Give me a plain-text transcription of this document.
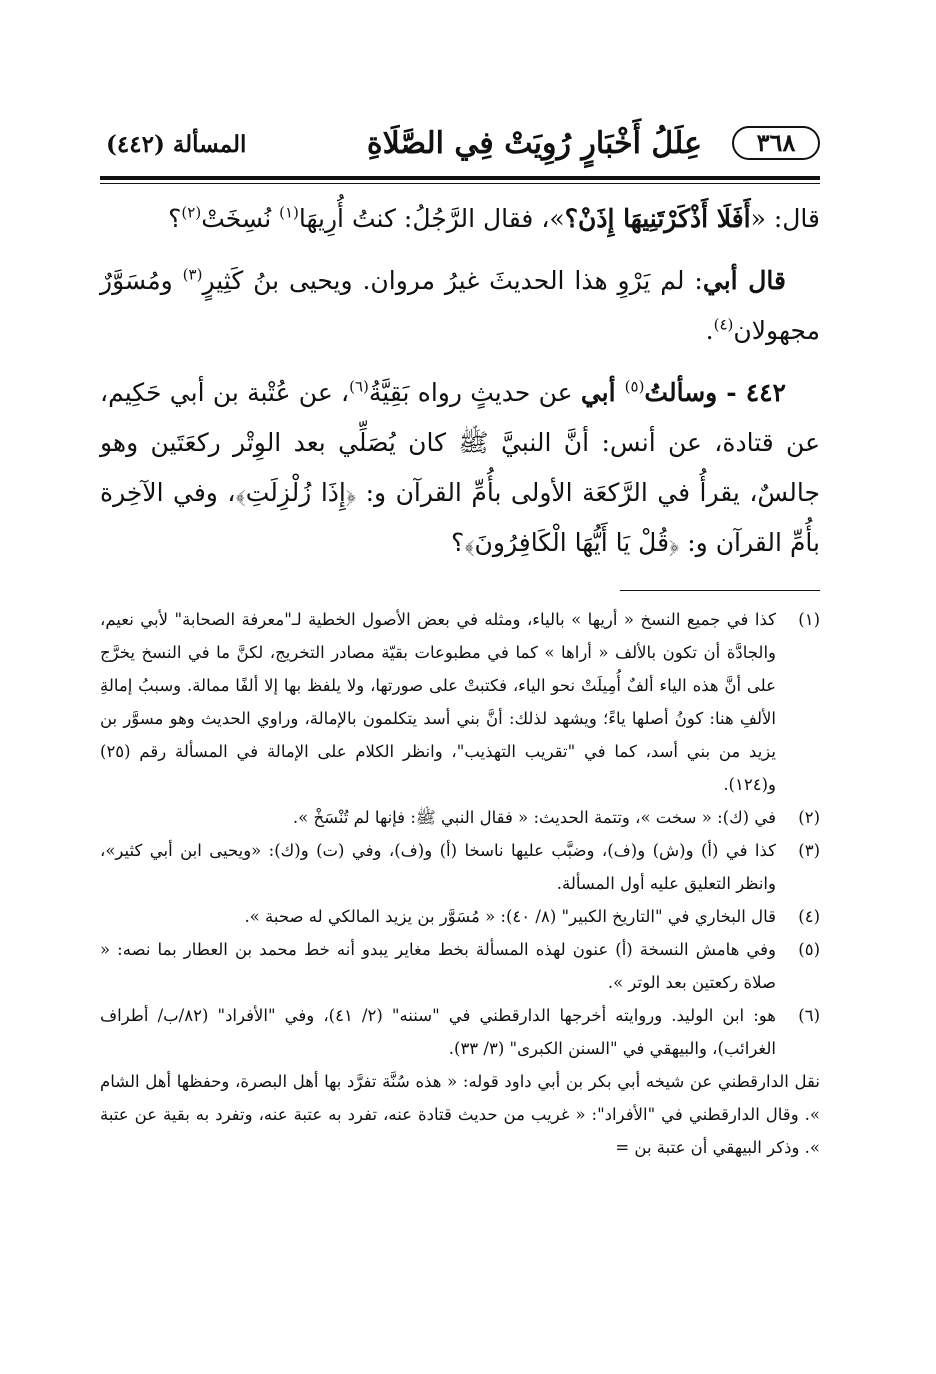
٣٦٨
عِلَلُ أَخْبَارٍ رُوِيَتْ فِي الصَّلَاةِ
المسألة (٤٤٢)

قال: «أَفَلَا أَذْكَرْتَنِيهَا إِذَنْ؟»، فقال الرَّجُلُ: كنتُ أُرِيهَا$^{(١)}$ نُسِخَتْ$^{(٢)}$؟

قال أبي: لم يَرْوِ هذا الحديثَ غيرُ مروان. ويحيى بنُ كَثِيرٍ$^{(٣)}$ ومُسَوَّرٌ مجهولان$^{(٤)}$.

٤٤٢ - وسألتُ$^{(٥)}$ أبي عن حديثٍ رواه بَقِيَّةُ$^{(٦)}$، عن عُتْبة بن أبي حَكِيم، عن قتادة، عن أنس: أنَّ النبيَّ ﷺ كان يُصَلِّي بعد الوِتْر ركعَتَين وهو جالسٌ، يقرأُ في الرَّكعَة الأولى بأُمِّ القرآن و: ﴿إِذَا زُلْزِلَتِ﴾، وفي الآخِرة بأُمِّ القرآن و: ﴿قُلْ يَا أَيُّهَا الْكَافِرُونَ﴾؟

(١)
كذا في جميع النسخ « أريها » بالياء، ومثله في بعض الأصول الخطية لـ"معرفة الصحابة" لأبي نعيم، والجادَّة أن تكون بالألف « أراها » كما في مطبوعات بقيّة مصادر التخريج، لكنَّ ما في النسخ يخرَّج على أنَّ هذه الياء ألفٌ أُمِيلَتْ نحو الياء، فكتبتْ على صورتها، ولا يلفظ بها إلا ألفًا ممالة. وسببُ إمالةِ الألفِ هنا: كونُ أصلها ياءً؛ ويشهد لذلك: أنَّ بني أسد يتكلمون بالإمالة، وراوي الحديث وهو مسوَّر بن يزيد من بني أسد، كما في "تقريب التهذيب"، وانظر الكلام على الإمالة في المسألة رقم (٢٥) و(١٢٤).
(٢)
في (ك): « سخت »، وتتمة الحديث: « فقال النبي ﷺ: فإنها لم تُنْسَخْ ».
(٣)
كذا في (أ) و(ش) و(ف)، وضبَّب عليها ناسخا (أ) و(ف)، وفي (ت) و(ك): «ويحيى ابن أبي كثير»، وانظر التعليق عليه أول المسألة.
(٤)
قال البخاري في "التاريخ الكبير" (٨/ ٤٠): « مُسَوَّر بن يزيد المالكي له صحبة ».
(٥)
وفي هامش النسخة (أ) عنون لهذه المسألة بخط مغاير يبدو أنه خط محمد بن العطار بما نصه: « صلاة ركعتين بعد الوتر ».
(٦)
هو: ابن الوليد. وروايته أخرجها الدارقطني في "سننه" (٢/ ٤١)، وفي "الأفراد" (٨٢/ب/ أطراف الغرائب)، والبيهقي في "السنن الكبرى" (٣/ ٣٣).

نقل الدارقطني عن شيخه أبي بكر بن أبي داود قوله: « هذه سُنَّة تفرَّد بها أهل البصرة، وحفظها أهل الشام ». وقال الدارقطني في "الأفراد": « غريب من حديث قتادة عنه، تفرد به عتبة عنه، وتفرد به بقية عن عتبة ». وذكر البيهقي أن عتبة بن =
